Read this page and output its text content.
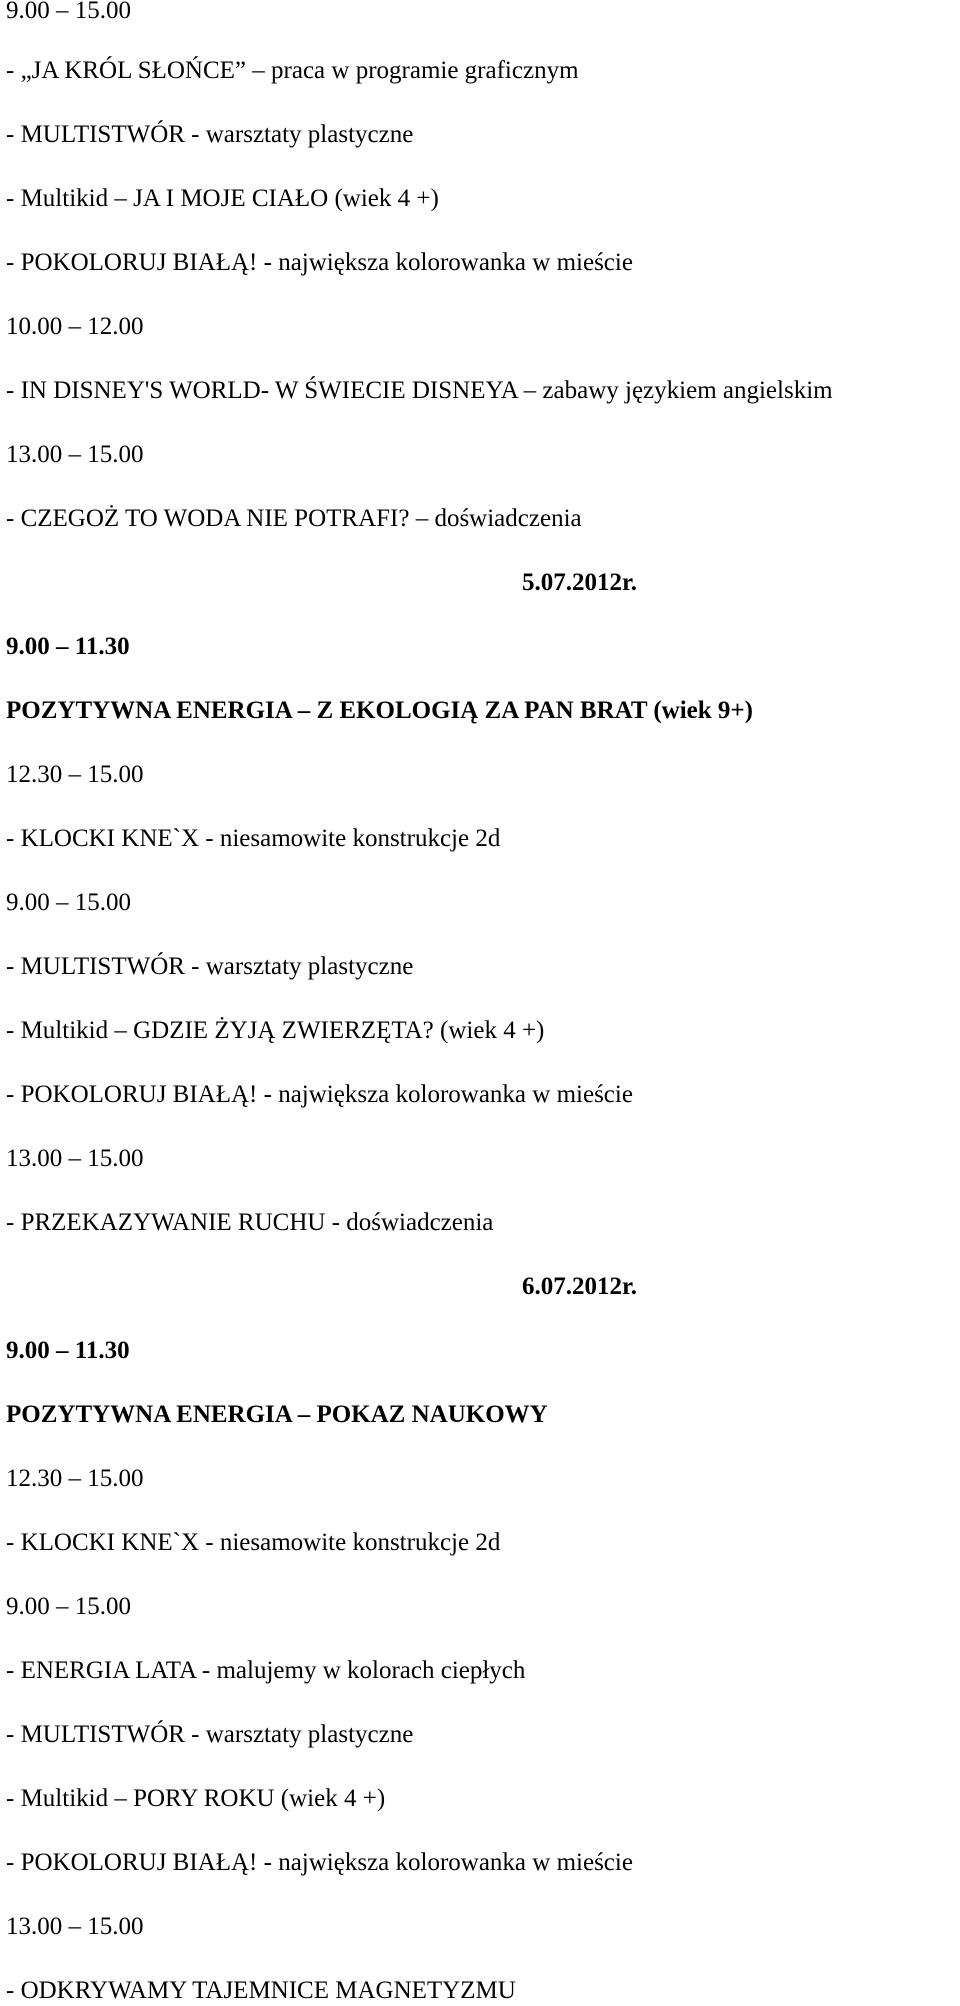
9.00 – 15.00
- „JA KRÓL SŁOŃCE” – praca w programie graficznym
- MULTISTWÓR - warsztaty plastyczne
- Multikid – JA I MOJE CIAŁO (wiek 4 +)
- POKOLORUJ BIAŁĄ! - największa kolorowanka w mieście
10.00 – 12.00
- IN DISNEY'S WORLD- W ŚWIECIE DISNEYA – zabawy językiem angielskim
13.00 – 15.00
- CZEGOŻ TO WODA NIE POTRAFI? – doświadczenia
5.07.2012r.
9.00 – 11.30
POZYTYWNA ENERGIA – Z EKOLOGIĄ ZA PAN BRAT (wiek 9+)
12.30 – 15.00
- KLOCKI KNE`X - niesamowite konstrukcje 2d
9.00 – 15.00
- MULTISTWÓR - warsztaty plastyczne
- Multikid – GDZIE ŻYJĄ ZWIERZĘTA? (wiek 4 +)
- POKOLORUJ BIAŁĄ! - największa kolorowanka w mieście
13.00 – 15.00
- PRZEKAZYWANIE RUCHU - doświadczenia
6.07.2012r.
9.00 – 11.30
POZYTYWNA ENERGIA – POKAZ NAUKOWY
12.30 – 15.00
- KLOCKI KNE`X - niesamowite konstrukcje 2d
9.00 – 15.00
- ENERGIA LATA - malujemy w kolorach ciepłych
- MULTISTWÓR - warsztaty plastyczne
- Multikid – PORY ROKU (wiek 4 +)
- POKOLORUJ BIAŁĄ! - największa kolorowanka w mieście
13.00 – 15.00
- ODKRYWAMY TAJEMNICE MAGNETYZMU
